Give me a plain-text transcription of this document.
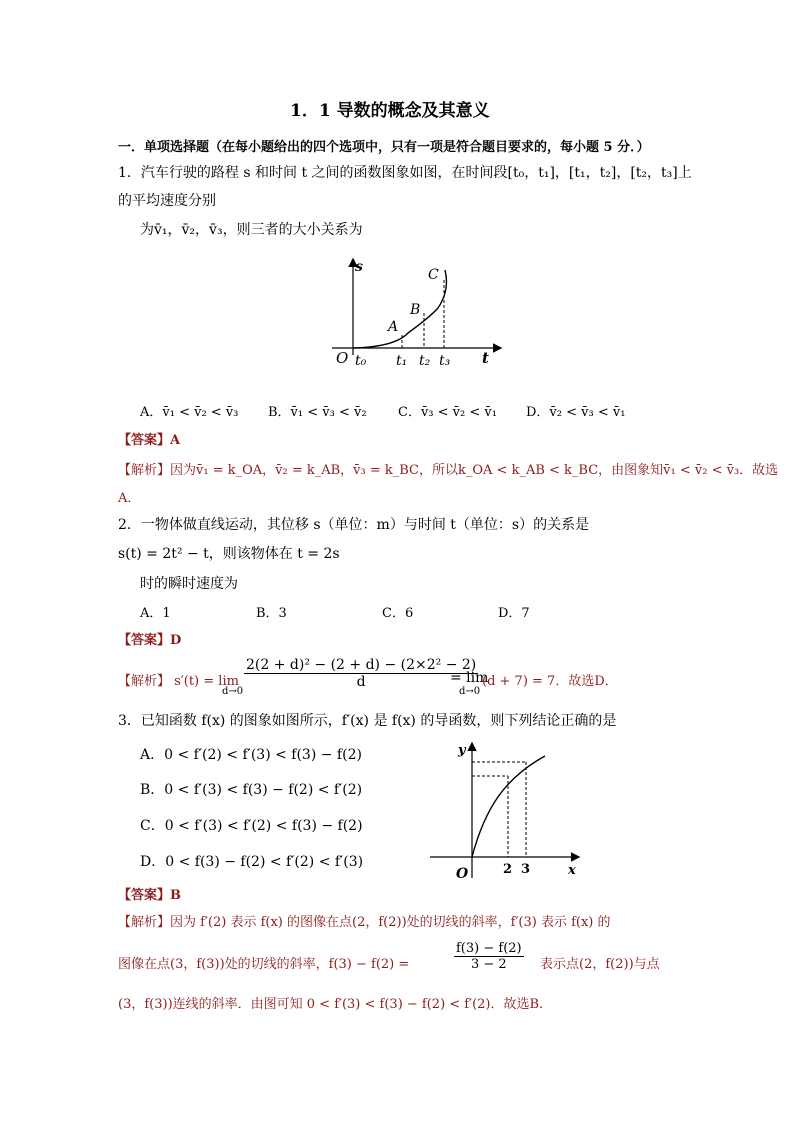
1．1 导数的概念及其意义
一．单项选择题（在每小题给出的四个选项中，只有一项是符合题目要求的，每小题 5 分．）
1．汽车行驶的路程 s 和时间 t 之间的函数图象如图，在时间段[t₀，t₁]，[t₁，t₂]，[t₂，t₃]上
的平均速度分别
为v̄₁，v̄₂，v̄₃，则三者的大小关系为
s
t
O
A
B
C
t₀ t₁ t₂ t₃
A．v̄₁ < v̄₂ < v̄₃ B．v̄₁ < v̄₃ < v̄₂ C．v̄₃ < v̄₂ < v̄₁ D．v̄₂ < v̄₃ < v̄₁
【答案】A
【解析】因为v̄₁ = k_OA，v̄₂ = k_AB，v̄₃ = k_BC，所以k_OA < k_AB < k_BC，由图象知v̄₁ < v̄₂ < v̄₃．故选
A．
2．一物体做直线运动，其位移 s（单位：m）与时间 t（单位：s）的关系是
s(t) = 2t² − t，则该物体在 t = 2s
时的瞬时速度为
A．1	B．3	C．6	D．7
【答案】D
【解析】 s′(t) = lim
d→0
$\frac{\text{2(2 + d)² − (2 + d) − (2×2² − 2)}}{d}$
= lim
d→0
(d + 7) = 7．故选D．
3．已知函数 f(x) 的图象如图所示，f′(x) 是 f(x) 的导函数，则下列结论正确的是
A．0 < f′(2) < f′(3) < f(3) − f(2)
B．0 < f′(3) < f(3) − f(2) < f′(2)
C．0 < f′(3) < f′(2) < f(3) − f(2)
D．0 < f(3) − f(2) < f′(2) < f′(3)
y
x
O	2 3
【答案】B
【解析】因为 f′(2) 表示 f(x) 的图像在点(2，f(2))处的切线的斜率，f′(3) 表示 f(x) 的
图像在点(3，f(3))处的切线的斜率，f(3) − f(2) =	$\frac{f(3) - f(2)}{3 - 2}$ 表示点(2，f(2))与点
(3，f(3))连线的斜率．由图可知 0 < f′(3) < f(3) − f(2) < f′(2)．故选B．
